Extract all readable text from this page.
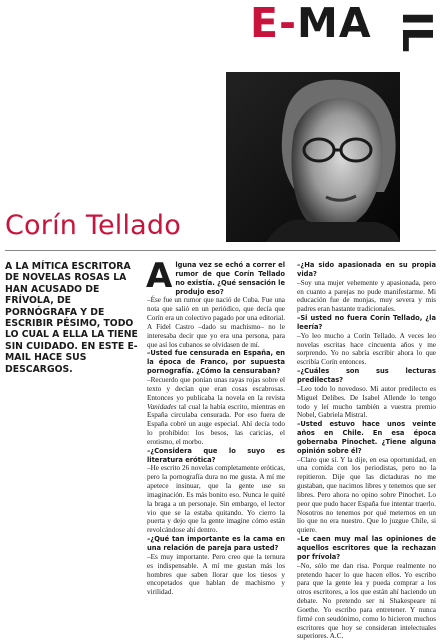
E-MA IL
Corín Tellado
A LA MÍTICA ESCRITORA DE NOVELAS ROSAS LA HAN ACUSADO DE FRÍVOLA, DE PORNÓGRAFA Y DE ESCRIBIR PÉSIMO, TODO LO CUAL A ELLA LA TIENE SIN CUIDADO. EN ESTE E-MAIL HACE SUS DESCARGOS.

Alguna vez se echó a correr el rumor de que Corín Tellado no existía. ¿Qué sensación le produjo eso?

–Ése fue un rumor que nació de Cuba. Fue una nota que salió en un periódico, que decía que Corín era un colectivo pagado por una editorial. A Fidel Castro –dado su machismo– no le interesaba decir que yo era una persona, para que así los cubanos se olvidasen de mí.

–Usted fue censurada en España, en la época de Franco, por supuesta pornografía. ¿Cómo la censuraban?

–Recuerdo que ponían unas rayas rojas sobre el texto y decían que eran cosas escabrosas. Entonces yo publicaba la novela en la revista Vanidades tal cual la había escrito, mientras en España circulaba censurada. Por eso fuera de España cobré un auge especial. Ahí decía todo lo prohibido: los besos, las caricias, el erotismo, el morbo.

–¿Considera que lo suyo es literatura erótica?

–He escrito 26 novelas completamente eróticas, pero la pornografía dura no me gusta. A mí me apetece insinuar, que la gente use su imaginación. Es más bonito eso. Nunca le quité la braga a un personaje. Sin embargo, el lector vio que se la estaba quitando. Yo cierro la puerta y dejo que la gente imagine cómo están revolcándose ahí dentro.

–¿Qué tan importante es la cama en una relación de pareja para usted?

–Es muy importante. Pero creo que la ternura es indispensable. A mí me gustan más los hombres que saben llorar que los tiesos y encopetados que hablan de machismo y virilidad.

–¿Ha sido apasionada en su propia vida?

–Soy una mujer vehemente y apasionada, pero en cuanto a parejas no pude manifestarme. Mi educación fue de monjas, muy severa y mis padres eran bastante tradicionales.

–Si usted no fuera Corín Tellado, ¿la leería?

–Yo leo mucho a Corín Tellado. A veces leo novelas escritas hace cincuenta años y me sorprendo. Yo no sabría escribir ahora lo que escribía Corín entonces.

–¿Cuáles son sus lecturas predilectas?

–Leo todo lo novedoso. Mi autor predilecto es Miguel Delibes. De Isabel Allende lo tengo todo y leí mucho también a vuestra premio Nobel, Gabriela Mistral.

–Usted estuvo hace unos veinte años en Chile. En esa época gobernaba Pinochet. ¿Tiene alguna opinión sobre él?

–Claro que sí. Y la dije, en esa oportunidad, en una comida con los periodistas, pero no la repitieron. Dije que las dictaduras no me gustaban, que nacimos libres y tenemos que ser libres. Pero ahora no opino sobre Pinochet. Lo peor que pudo hacer España fue intentar traerlo. Nosotros no tenemos por qué meternos en un lío que no era nuestro. Que lo juzgue Chile, si quiere.

–Le caen muy mal las opiniones de aquellos escritores que la rechazan por frívola?

–No, sólo me dan risa. Porque realmente no pretendo hacer lo que hacen ellos. Yo escribo para que la gente lea y pueda comprar a los otros escritores, a los que están ahí haciendo un debate. No pretendo ser ni Shakespeare ni Goethe. Yo escribo para entretener. Y nunca firmé con seudónimo, como lo hicieron muchos escritores que hoy se consideran intelectuales superiores. A.C.
